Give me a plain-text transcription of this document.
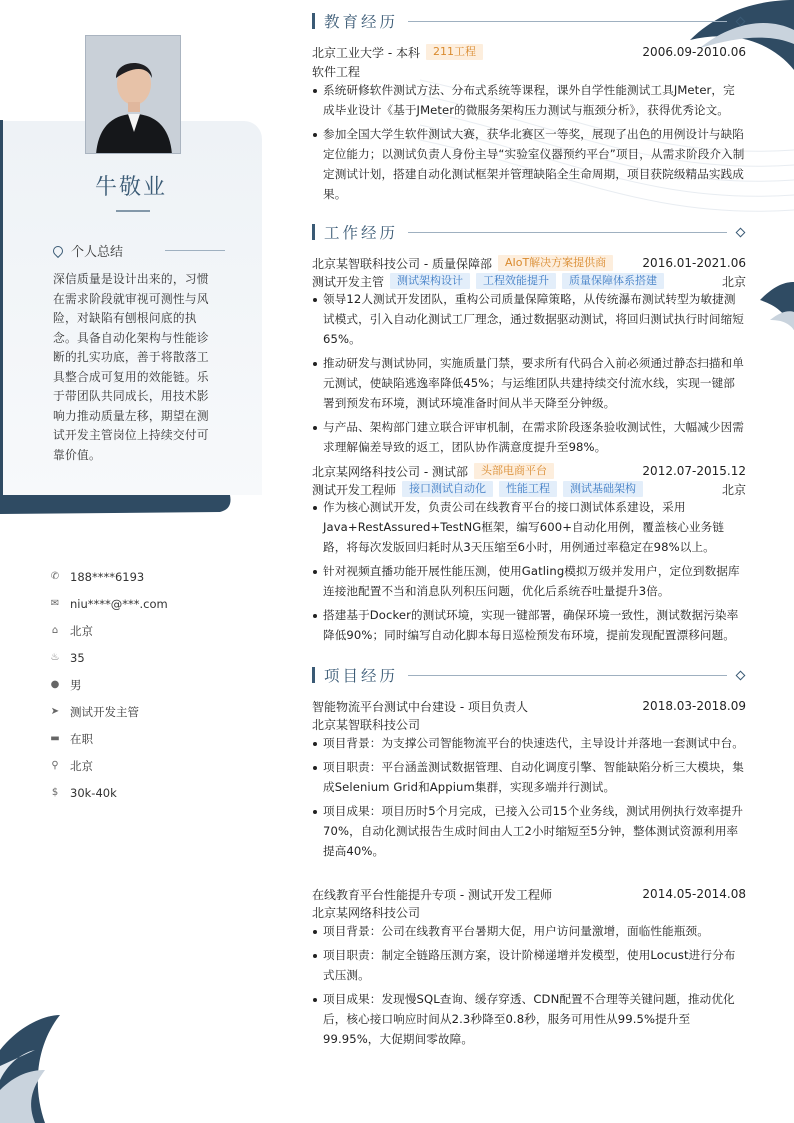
牛敬业
个人总结
深信质量是设计出来的，习惯在需求阶段就审视可测性与风险，对缺陷有刨根问底的执念。具备自动化架构与性能诊断的扎实功底，善于将散落工具整合成可复用的效能链。乐于带团队共同成长，用技术影响力推动质量左移，期望在测试开发主管岗位上持续交付可靠价值。
✆ 188****6193
✉ niu****@***.com
⌂ 北京
♨ 35
● 男
➤ 测试开发主管
▬ 在职
⚲ 北京
$ 30k-40k
教育经历
北京工业大学 - 本科	211工程	2006.09-2010.06
软件工程
系统研修软件测试方法、分布式系统等课程，课外自学性能测试工具JMeter，完成毕业设计《基于JMeter的微服务架构压力测试与瓶颈分析》，获得优秀论文。
参加全国大学生软件测试大赛，获华北赛区一等奖，展现了出色的用例设计与缺陷定位能力；以测试负责人身份主导“实验室仪器预约平台”项目，从需求阶段介入制定测试计划，搭建自动化测试框架并管理缺陷全生命周期，项目获院级精品实践成果。
工作经历
北京某智联科技公司 - 质量保障部	AIoT解决方案提供商	2016.01-2021.06
测试开发主管	测试架构设计	工程效能提升	质量保障体系搭建	北京
领导12人测试开发团队，重构公司质量保障策略，从传统瀑布测试转型为敏捷测试模式，引入自动化测试工厂理念，通过数据驱动测试，将回归测试执行时间缩短65%。
推动研发与测试协同，实施质量门禁，要求所有代码合入前必须通过静态扫描和单元测试，使缺陷逃逸率降低45%；与运维团队共建持续交付流水线，实现一键部署到预发布环境，测试环境准备时间从半天降至分钟级。
与产品、架构部门建立联合评审机制，在需求阶段逐条验收测试性，大幅减少因需求理解偏差导致的返工，团队协作满意度提升至98%。
北京某网络科技公司 - 测试部	头部电商平台	2012.07-2015.12
测试开发工程师	接口测试自动化	性能工程	测试基础架构	北京
作为核心测试开发，负责公司在线教育平台的接口测试体系建设，采用Java+RestAssured+TestNG框架，编写600+自动化用例，覆盖核心业务链路，将每次发版回归耗时从3天压缩至6小时，用例通过率稳定在98%以上。
针对视频直播功能开展性能压测，使用Gatling模拟万级并发用户，定位到数据库连接池配置不当和消息队列积压问题，优化后系统吞吐量提升3倍。
搭建基于Docker的测试环境，实现一键部署，确保环境一致性，测试数据污染率降低90%；同时编写自动化脚本每日巡检预发布环境，提前发现配置漂移问题。
项目经历
智能物流平台测试中台建设 - 项目负责人	2018.03-2018.09
北京某智联科技公司
项目背景：为支撑公司智能物流平台的快速迭代，主导设计并落地一套测试中台。
项目职责：平台涵盖测试数据管理、自动化调度引擎、智能缺陷分析三大模块，集成Selenium Grid和Appium集群，实现多端并行测试。
项目成果：项目历时5个月完成，已接入公司15个业务线，测试用例执行效率提升70%，自动化测试报告生成时间由人工2小时缩短至5分钟，整体测试资源利用率提高40%。
在线教育平台性能提升专项 - 测试开发工程师	2014.05-2014.08
北京某网络科技公司
项目背景：公司在线教育平台暑期大促，用户访问量激增，面临性能瓶颈。
项目职责：制定全链路压测方案，设计阶梯递增并发模型，使用Locust进行分布式压测。
项目成果：发现慢SQL查询、缓存穿透、CDN配置不合理等关键问题，推动优化后，核心接口响应时间从2.3秒降至0.8秒，服务可用性从99.5%提升至99.95%，大促期间零故障。
